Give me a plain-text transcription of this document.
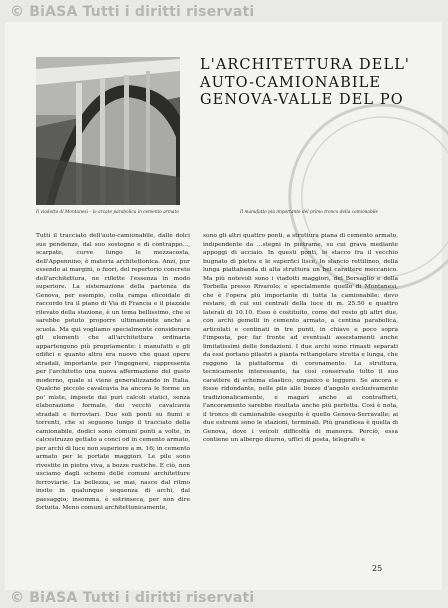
© BiASA Tutti i diritti riservati
L'ARCHITETTURA DELL'
AUTO-CAMIONABILE
GENOVA-VALLE DEL PO
Il viadotto di Montanesi – le arcate parabolica in cemento armato	Il manufatto più importante del primo tronco della camionabile

Tutti il tracciato dell'auto-camionabile, dalle dolci sue pendenze, dal suo sostegno e di contrappo..., scarpate, curve lungo le mezzacosta, dell'Appennino, è materia architettonica. Anzi, pur essendo ai margini, o fuori, del repertorio concreto dell'architettura, ne riflette l'essenza in modo superiore. La sistemazione della partenza da Genova, per esempio, colla rampa elicoidale di raccordo tra il piano di Via di Francia e il piazzale rilevato della stazione, è un tema bellissimo, che si sarebbe potuto proporre ultimamente anche a scuola. Ma qui vogliamo specialmente considerare gli elementi che all'architettura ordinaria appartengono più propriamente: i manufatti e gli edifici e quanto altro era nuovo che quasi opere stradali, importante per l'ingegnere, rappresenta per l'architetto una nuova affermazione del gusto moderno, quale si viene generalizzando in Italia. Qualche piccolo cavalcavia ha ancora le forme un po' miste, imposte dai puri calcoli statici, senza elaborazione formale, dei vecchi cavalcavia stradali e ferroviari. Due soli ponti su fiumi e torrenti, che si seguono lungo il tracciato della camionabile, dodici sono comuni ponti a volte, in calcestruzzo gettato a conci od in cemento armato, per archi di luce non superiore a m. 16; in cemento armato per le portate maggiori. Le pile sono rivestite in pietra viva, a bozze rustiche. E ciò, non usciamo dagli schemi delle comuni architetture ferroviarie. La bellezza, se mai, nasce dal ritmo insito in qualunque sequenza di archi, dal paesaggio; insomma, è estrinseca, per non dire fortuita. Meno comuni architettonicamente,

sono gli altri quattro ponti, a struttura piana di cemento armato, indipendente da ...stegni in pietrame, su cui grava mediante appoggi di acciaio. In questi ponti, lo stacco fra il vecchio bugnato di pietra e le superfici lisce, lo slancio rettilineo, della lunga piattabanda di alta struttura un bel carattere meccanico. Ma più notevoli sono i viadotti maggiori, del Bersaglio e della Torbella presso Rivarolo; e specialmente quello di Montanesi, che è l'opera più importante di tutta la camionabile; devo restare, di cui sui centrali della luce di m. 25.50 e quattro laterali di 10.10. Esso è costituito, come del resto gli altri due, con archi gemelli in cemento armato, a centina parabolica, articolati e centinati in tre punti, in chiave e poco sopra l'imposta, per far fronte ad eventuali assestamenti anche limitatissimi delle fondazioni. I due archi sono rimasti separati da essi portano pilastri a pianta rettangolare stretta e lunga, che reggono la piattaforma di coronamento. La struttura, tecnicamente interessante, ha così conservato tutto il suo carattere di schema elastico, organico e leggero. Se ancora e fosse ridondante, nelle pile alle bozze d'angolo esclusivamente tradizionalicamente, e magari anche ai contrafforti, l'ancoramento sarebbe risultata anche più perfetta. Così è nota, il tronco di camionabile eseguito è quello Genova-Serravalle; ai due estremi sono le stazioni, terminali. Più grandiosa è quella di Genova, dove i veicoli difficoltà di manovra. Perciò, essa contiene un albergo diurno, uffici di posta, telegrafo e

25
© BiASA Tutti i diritti riservati
